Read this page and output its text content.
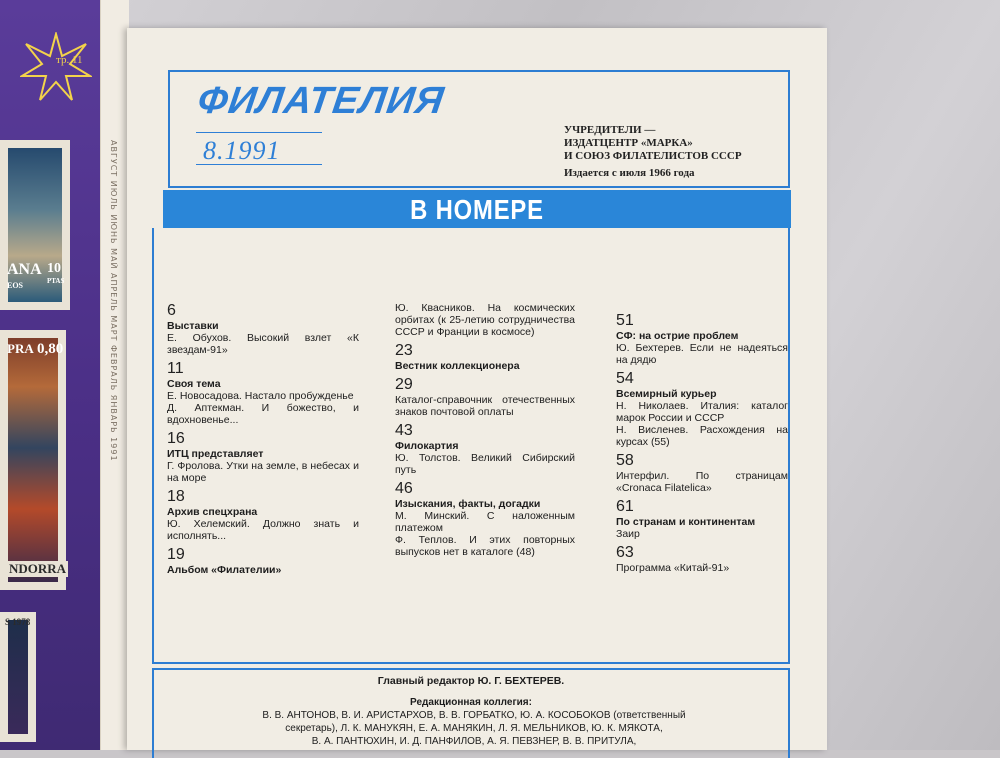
тр. 11
ANA 10
PTAS
EOS
PRA 0,80
NDORRA
S 1978
АВГУСТ ИЮЛЬ ИЮНЬ МАЙ АПРЕЛЬ МАРТ ФЕВРАЛЬ ЯНВАРЬ 1991
ФИЛАТЕЛИЯ
8.1991
УЧРЕДИТЕЛИ —
ИЗДАТЦЕНТР «МАРКА»
И СОЮЗ ФИЛАТЕЛИСТОВ СССР
Издается с июля 1966 года
В НОМЕРЕ
6
Выставки
Е. Обухов. Высокий взлет «К звездам-91»
11
Своя тема
Е. Новосадова. Настало пробужденье
Д. Аптекман. И божество, и вдохновенье...
16
ИТЦ представляет
Г. Фролова. Утки на земле, в небесах и на море
18
Архив спецхрана
Ю. Хелемский. Должно знать и исполнять...
19
Альбом «Филателии»
Ю. Квасников. На космических орбитах (к 25-летию сотрудничества СССР и Франции в космосе)
23
Вестник коллекционера
29
Каталог-справочник отечественных знаков почтовой оплаты
43
Филокартия
Ю. Толстов. Великий Сибирский путь
46
Изыскания, факты, догадки
М. Минский. С наложенным платежом
Ф. Теплов. И этих повторных выпусков нет в каталоге (48)
51
СФ: на острие проблем
Ю. Бехтерев. Если не надеяться на дядю
54
Всемирный курьер
Н. Николаев. Италия: каталог марок России и СССР
Н. Висленев. Расхождения на курсах (55)
58
Интерфил. По страницам «Cronaca Filatelica»
61
По странам и континентам
Заир
63
Программа «Китай-91»
Главный редактор Ю. Г. БЕХТЕРЕВ.
Редакционная коллегия:
В. В. АНТОНОВ, В. И. АРИСТАРХОВ, В. В. ГОРБАТКО, Ю. А. КОСОБОКОВ (ответственный
секретарь), Л. К. МАНУКЯН, Е. А. МАНЯКИН, Л. Я. МЕЛЬНИКОВ, Ю. К. МЯКОТА,
В. А. ПАНТЮХИН, И. Д. ПАНФИЛОВ, А. Я. ПЕВЗНЕР, В. В. ПРИТУЛА,
